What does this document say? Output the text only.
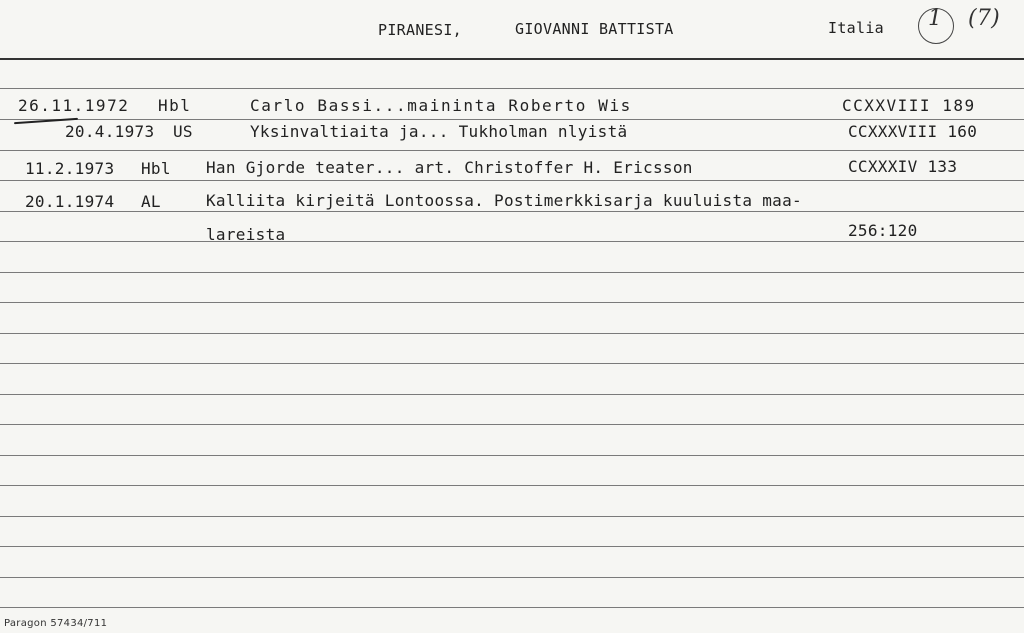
PIRANESI,	GIOVANNI BATTISTA	Italia 1 (7)
26.11.1972 Hbl	Carlo Bassi...maininta Roberto Wis	CCXXVIII 189
20.4.1973 US	Yksinvaltiaita ja... Tukholman nlyistä	CCXXXVIII 160
11.2.1973 Hbl Han Gjorde teater... art. Christoffer H. Ericsson	CCXXXIV 133
20.1.1974 AL	Kalliita kirjeitä Lontoossa. Postimerkkisarja kuuluista maa-
lareista	256:120
Paragon 57434/711
